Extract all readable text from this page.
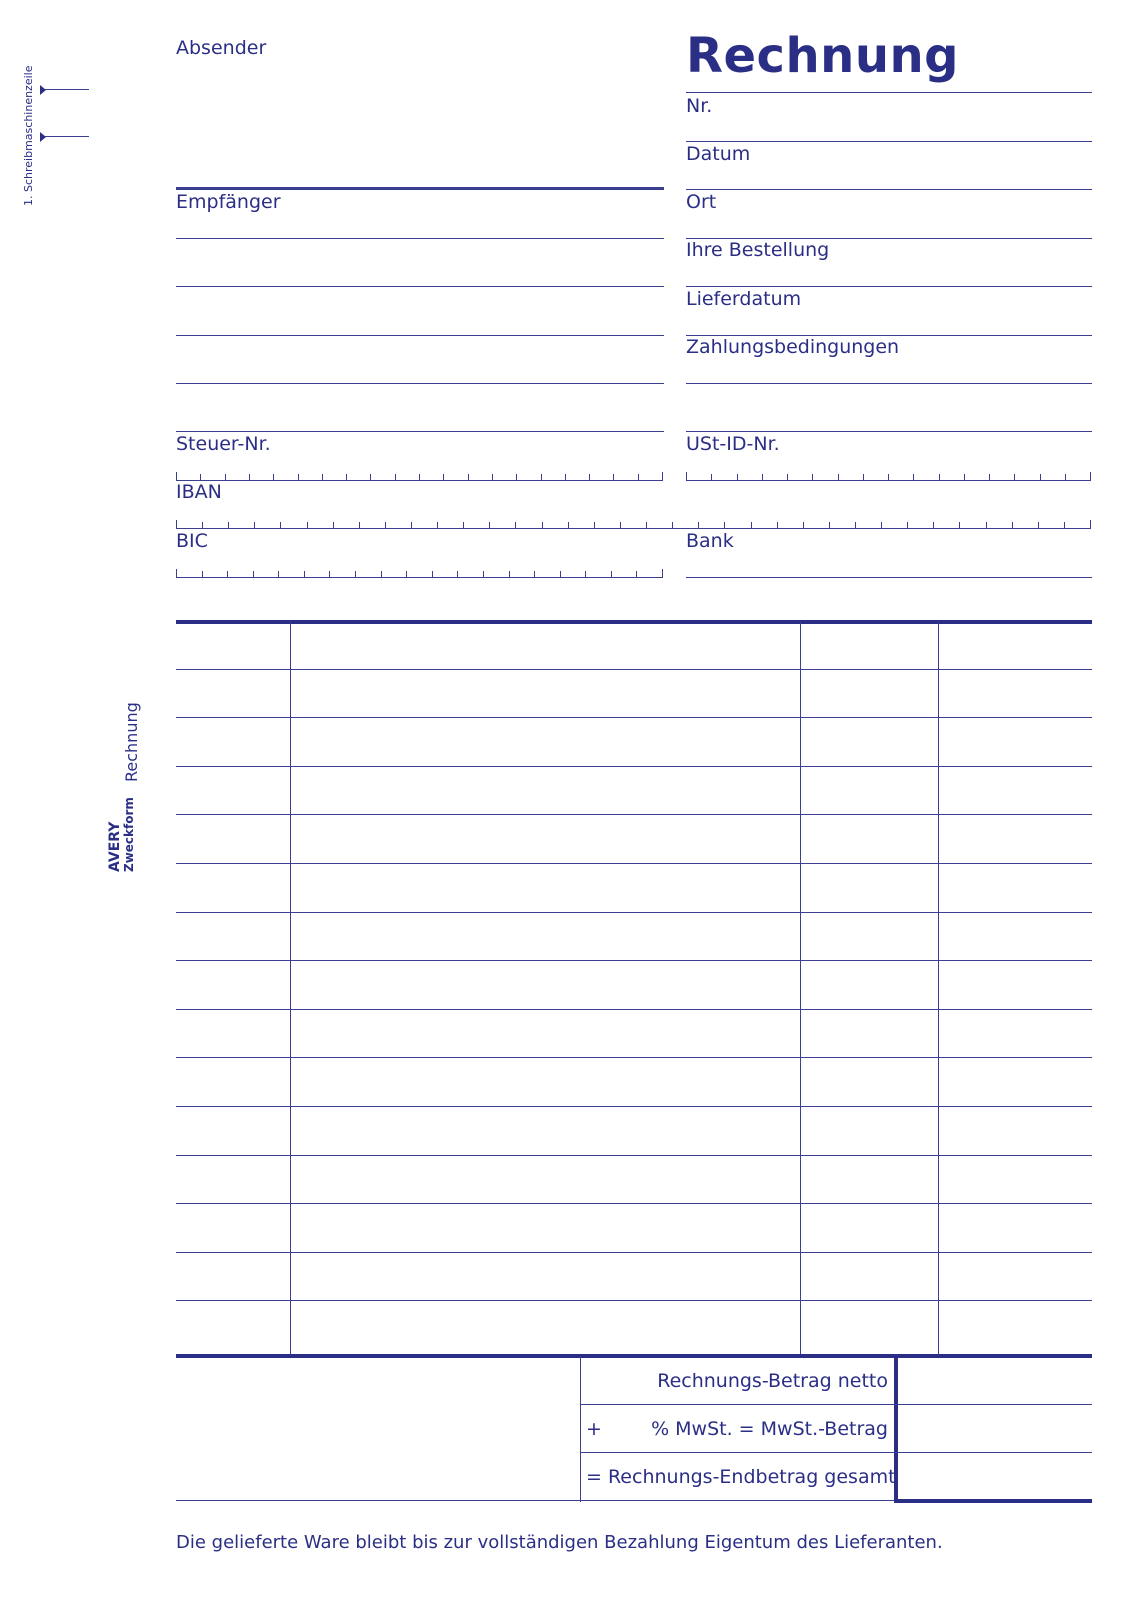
1. Schreibmaschinenzeile
Rechnung
AVERY Zweckform
Absender
Empfänger
Rechnung
Nr.
Datum
Ort
Ihre Bestellung
Lieferdatum
Zahlungsbedingungen
Steuer-Nr.	USt-ID-Nr.
IBAN
BIC	Bank
Rechnungs-Betrag netto
+	% MwSt. = MwSt.-Betrag
= Rechnungs-Endbetrag gesamt
Die gelieferte Ware bleibt bis zur vollständigen Bezahlung Eigentum des Lieferanten.
